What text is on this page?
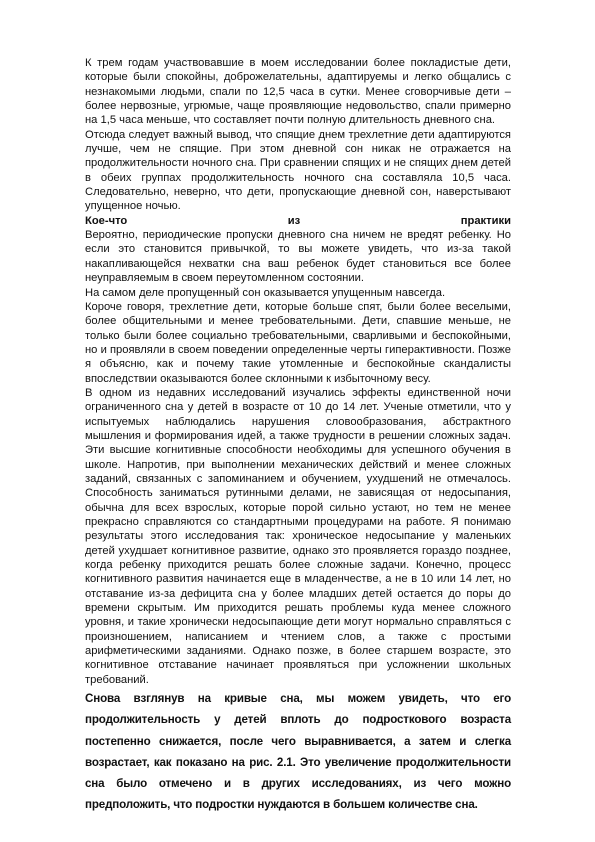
К трем годам участвовавшие в моем исследовании более покладистые дети, которые были спокойны, доброжелательны, адаптируемы и легко общались с незнакомыми людьми, спали по 12,5 часа в сутки. Менее сговорчивые дети – более нервозные, угрюмые, чаще проявляющие недовольство, спали примерно на 1,5 часа меньше, что составляет почти полную длительность дневного сна.

Отсюда следует важный вывод, что спящие днем трехлетние дети адаптируются лучше, чем не спящие. При этом дневной сон никак не отражается на продолжительности ночного сна. При сравнении спящих и не спящих днем детей в обеих группах продолжительность ночного сна составляла 10,5 часа. Следовательно, неверно, что дети, пропускающие дневной сон, наверстывают упущенное ночью.

Кое-что	из	практики

Вероятно, периодические пропуски дневного сна ничем не вредят ребенку. Но если это становится привычкой, то вы можете увидеть, что из-за такой накапливающейся нехватки сна ваш ребенок будет становиться все более неуправляемым в своем переутомленном состоянии.

На самом деле пропущенный сон оказывается упущенным навсегда.

Короче говоря, трехлетние дети, которые больше спят, были более веселыми, более общительными и менее требовательными. Дети, спавшие меньше, не только были более социально требовательными, сварливыми и беспокойными, но и проявляли в своем поведении определенные черты гиперактивности. Позже я объясню, как и почему такие утомленные и беспокойные скандалисты впоследствии оказываются более склонными к избыточному весу.

В одном из недавних исследований изучались эффекты единственной ночи ограниченного сна у детей в возрасте от 10 до 14 лет. Ученые отметили, что у испытуемых наблюдались нарушения словообразования, абстрактного мышления и формирования идей, а также трудности в решении сложных задач. Эти высшие когнитивные способности необходимы для успешного обучения в школе. Напротив, при выполнении механических действий и менее сложных заданий, связанных с запоминанием и обучением, ухудшений не отмечалось. Способность заниматься рутинными делами, не зависящая от недосыпания, обычна для всех взрослых, которые порой сильно устают, но тем не менее прекрасно справляются со стандартными процедурами на работе. Я понимаю результаты этого исследования так: хроническое недосыпание у маленьких детей ухудшает когнитивное развитие, однако это проявляется гораздо позднее, когда ребенку приходится решать более сложные задачи. Конечно, процесс когнитивного развития начинается еще в младенчестве, а не в 10 или 14 лет, но отставание из-за дефицита сна у более младших детей остается до поры до времени скрытым. Им приходится решать проблемы куда менее сложного уровня, и такие хронически недосыпающие дети могут нормально справляться с произношением, написанием и чтением слов, а также с простыми арифметическими заданиями. Однако позже, в более старшем возрасте, это когнитивное отставание начинает проявляться при усложнении школьных требований.

Снова взглянув на кривые сна, мы можем увидеть, что его продолжительность у детей вплоть до подросткового возраста постепенно снижается, после чего выравнивается, а затем и слегка возрастает, как показано на рис. 2.1. Это увеличение продолжительности сна было отмечено и в других исследованиях, из чего можно предположить, что подростки нуждаются в большем количестве сна.
